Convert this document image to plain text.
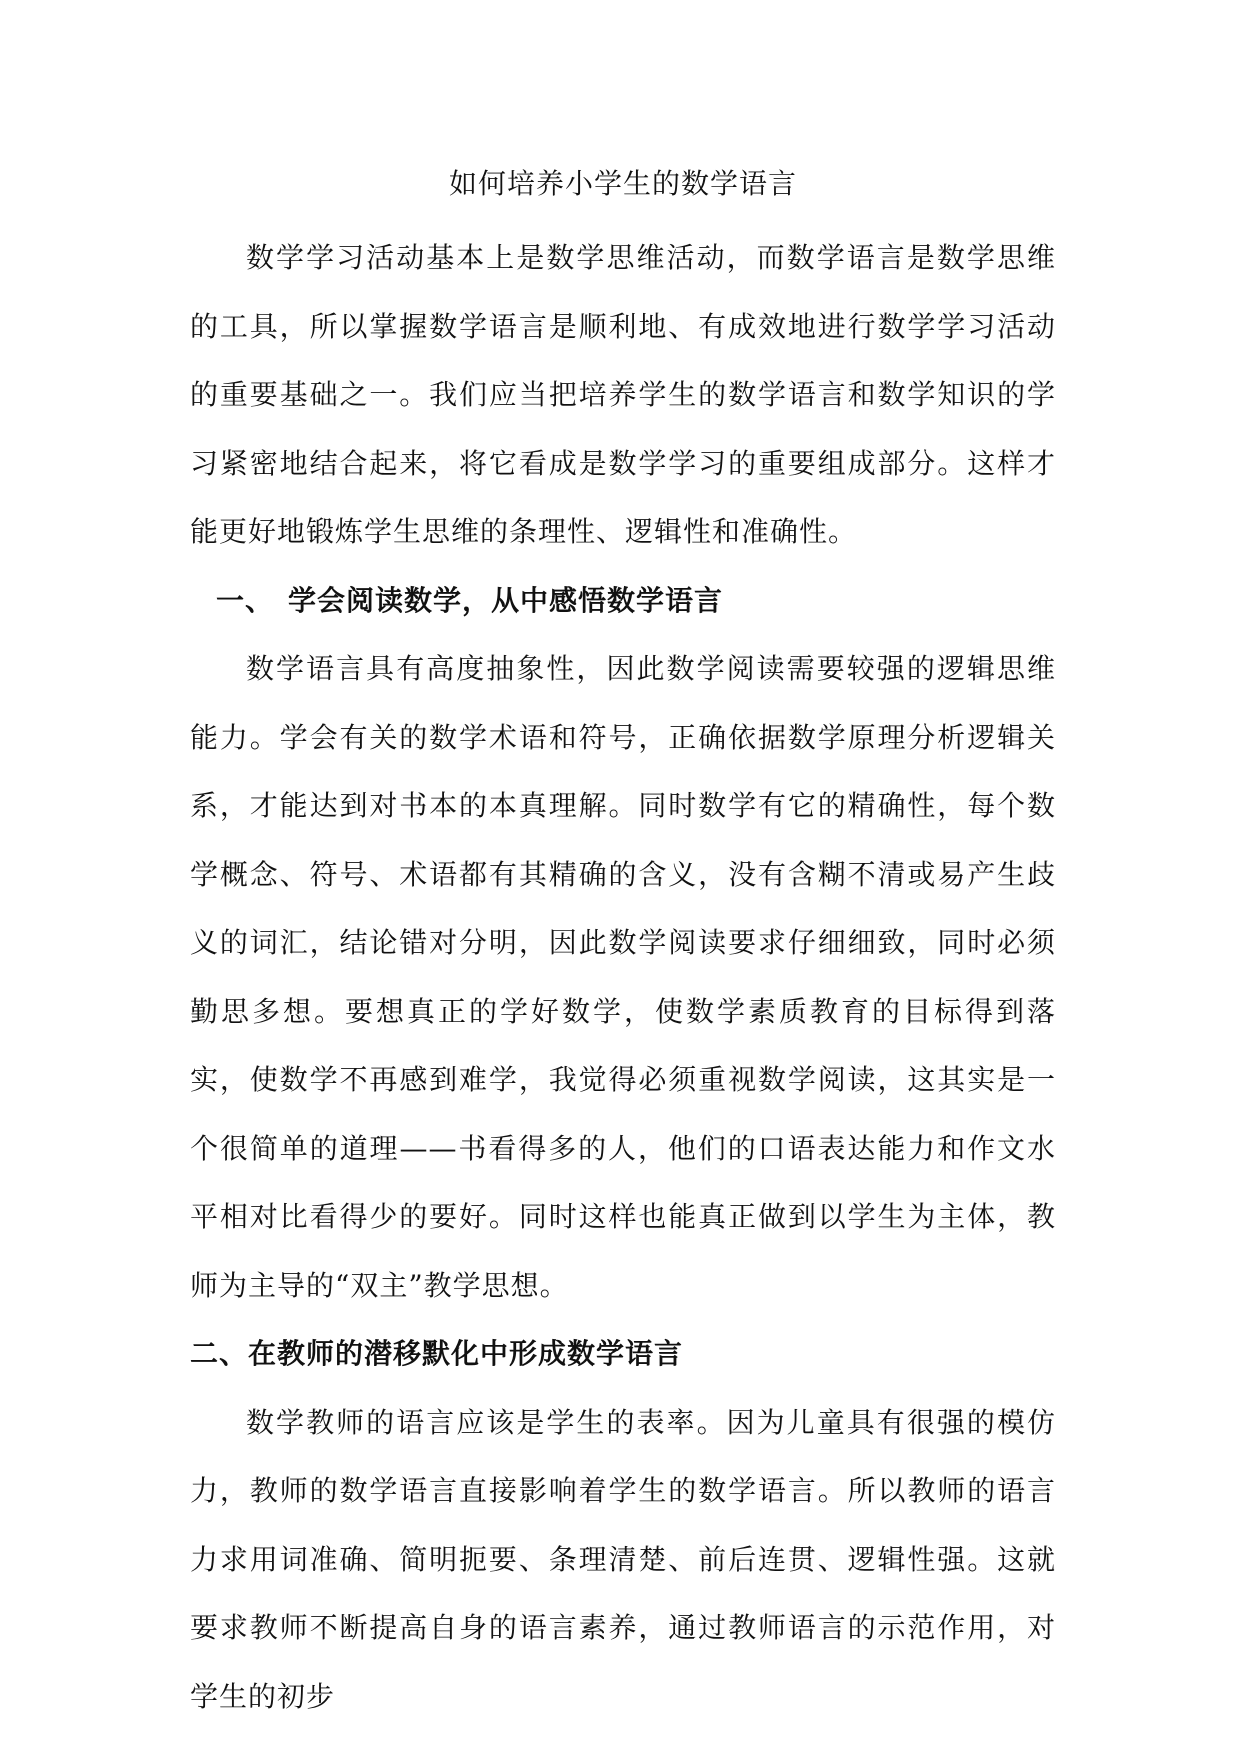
如何培养小学生的数学语言

数学学习活动基本上是数学思维活动，而数学语言是数学思维的工具，所以掌握数学语言是顺利地、有成效地进行数学学习活动的重要基础之一。我们应当把培养学生的数学语言和数学知识的学习紧密地结合起来，将它看成是数学学习的重要组成部分。这样才能更好地锻炼学生思维的条理性、逻辑性和准确性。

一、 学会阅读数学，从中感悟数学语言

数学语言具有高度抽象性，因此数学阅读需要较强的逻辑思维能力。学会有关的数学术语和符号，正确依据数学原理分析逻辑关系，才能达到对书本的本真理解。同时数学有它的精确性，每个数学概念、符号、术语都有其精确的含义，没有含糊不清或易产生歧义的词汇，结论错对分明，因此数学阅读要求仔细细致，同时必须勤思多想。要想真正的学好数学，使数学素质教育的目标得到落实，使数学不再感到难学，我觉得必须重视数学阅读，这其实是一个很简单的道理——书看得多的人，他们的口语表达能力和作文水平相对比看得少的要好。同时这样也能真正做到以学生为主体，教师为主导的“双主”教学思想。

二、在教师的潜移默化中形成数学语言

数学教师的语言应该是学生的表率。因为儿童具有很强的模仿力，教师的数学语言直接影响着学生的数学语言。所以教师的语言力求用词准确、简明扼要、条理清楚、前后连贯、逻辑性强。这就要求教师不断提高自身的语言素养，通过教师语言的示范作用，对学生的初步
